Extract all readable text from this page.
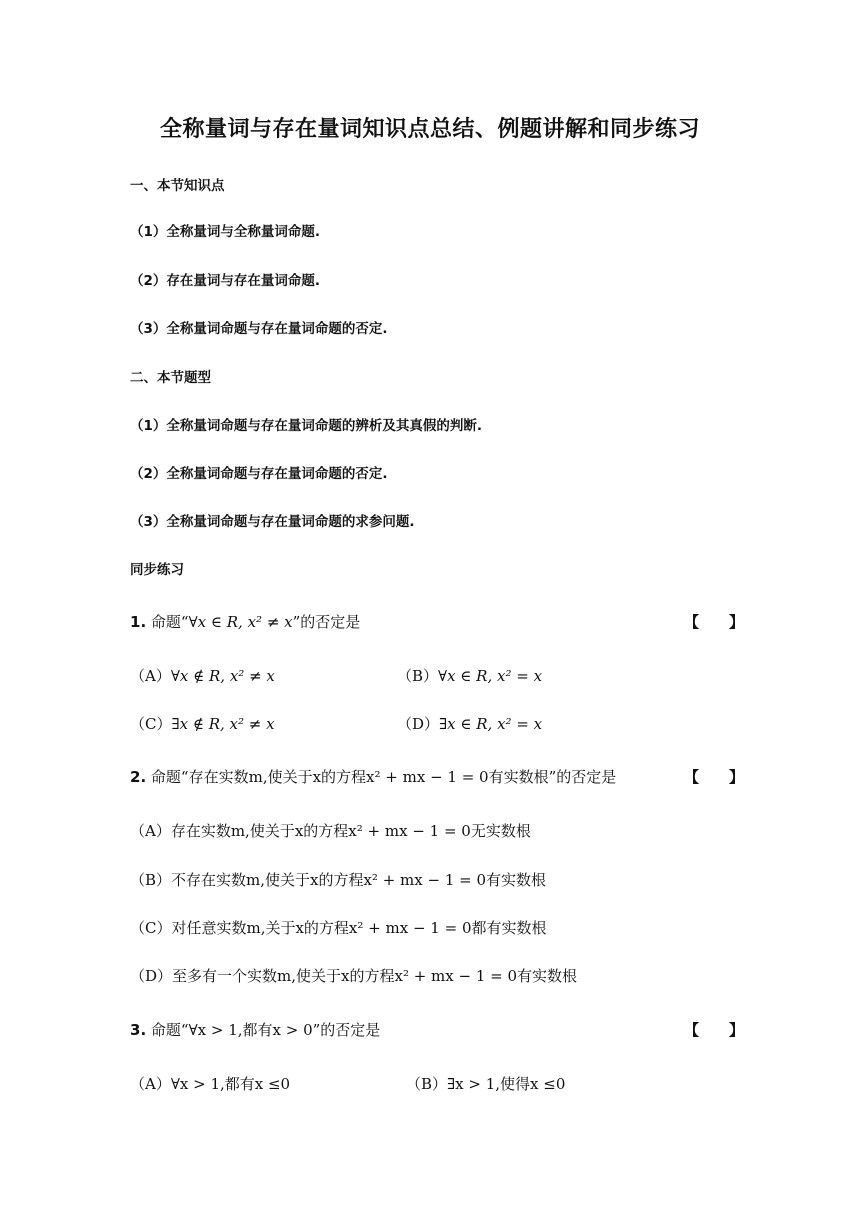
全称量词与存在量词知识点总结、例题讲解和同步练习
一、本节知识点
（1）全称量词与全称量词命题.
（2）存在量词与存在量词命题.
（3）全称量词命题与存在量词命题的否定.
二、本节题型
（1）全称量词命题与存在量词命题的辨析及其真假的判断.
（2）全称量词命题与存在量词命题的否定.
（3）全称量词命题与存在量词命题的求参问题.
同步练习
1. 命题“∀x ∈ R, x² ≠ x”的否定是	【　　】
（A）∀x ∉ R, x² ≠ x	（B）∀x ∈ R, x² = x
（C）∃x ∉ R, x² ≠ x	（D）∃x ∈ R, x² = x
2. 命题“存在实数m,使关于x的方程x² + mx − 1 = 0有实数根”的否定是	【　　】
（A）存在实数m,使关于x的方程x² + mx − 1 = 0无实数根
（B）不存在实数m,使关于x的方程x² + mx − 1 = 0有实数根
（C）对任意实数m,关于x的方程x² + mx − 1 = 0都有实数根
（D）至多有一个实数m,使关于x的方程x² + mx − 1 = 0有实数根
3. 命题“∀x > 1,都有x > 0”的否定是	【　　】
（A）∀x > 1,都有x ≤0	（B）∃x > 1,使得x ≤0
